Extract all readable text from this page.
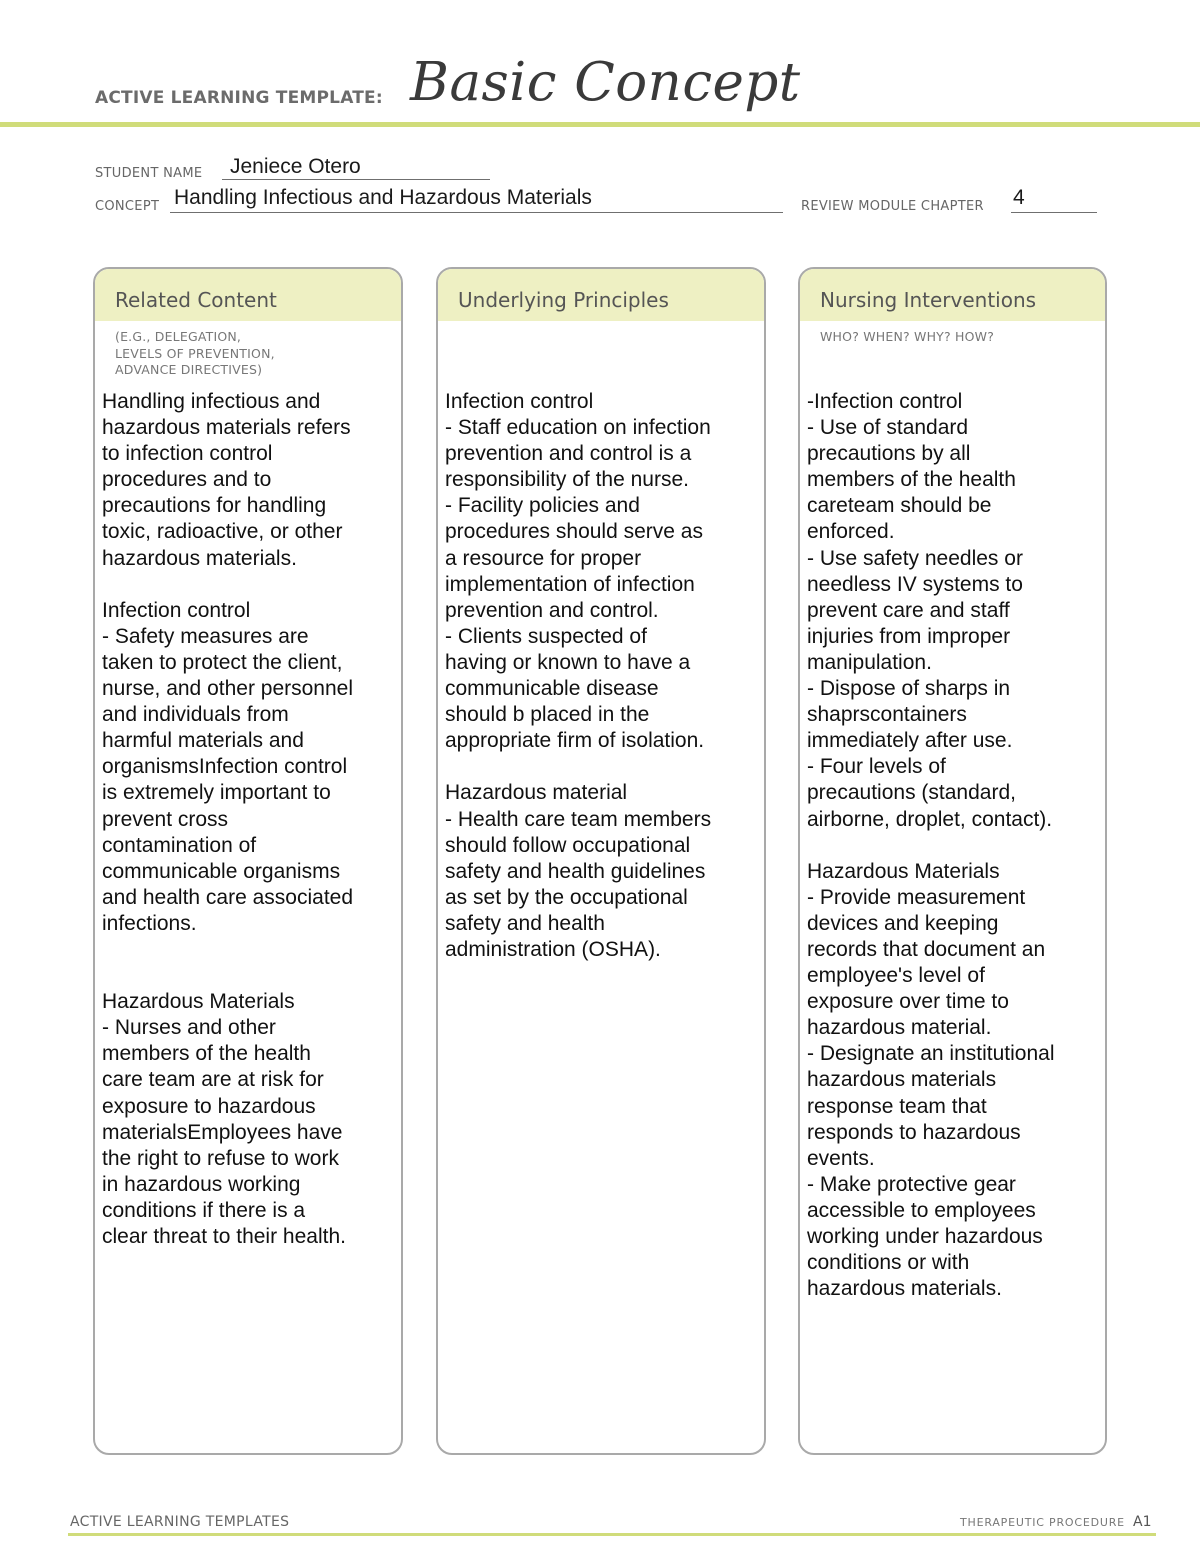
ACTIVE LEARNING TEMPLATE: Basic Concept
STUDENT NAME Jeniece Otero
CONCEPT Handling Infectious and Hazardous Materials	REVIEW MODULE CHAPTER 4
Related Content
(E.G., DELEGATION,
LEVELS OF PREVENTION,
ADVANCE DIRECTIVES)
Handling infectious and
hazardous materials refers
to infection control
procedures and to
precautions for handling
toxic, radioactive, or other
hazardous materials.
Infection control
- Safety measures are
taken to protect the client,
nurse, and other personnel
and individuals from
harmful materials and
organismsInfection control
is extremely important to
prevent cross
contamination of
communicable organisms
and health care associated
infections.
Hazardous Materials
- Nurses and other
members of the health
care team are at risk for
exposure to hazardous
materialsEmployees have
the right to refuse to work
in hazardous working
conditions if there is a
clear threat to their health.
Underlying Principles
Infection control
- Staff education on infection
prevention and control is a
responsibility of the nurse.
- Facility policies and
procedures should serve as
a resource for proper
implementation of infection
prevention and control.
- Clients suspected of
having or known to have a
communicable disease
should b placed in the
appropriate firm of isolation.
Hazardous material
- Health care team members
should follow occupational
safety and health guidelines
as set by the occupational
safety and health
administration (OSHA).
Nursing Interventions
WHO? WHEN? WHY? HOW?
-Infection control
- Use of standard
precautions by all
members of the health
careteam should be
enforced.
- Use safety needles or
needless IV systems to
prevent care and staff
injuries from improper
manipulation.
- Dispose of sharps in
shaprscontainers
immediately after use.
- Four levels of
precautions (standard,
airborne, droplet, contact).
Hazardous Materials
- Provide measurement
devices and keeping
records that document an
employee's level of
exposure over time to
hazardous material.
- Designate an institutional
hazardous materials
response team that
responds to hazardous
events.
- Make protective gear
accessible to employees
working under hazardous
conditions or with
hazardous materials.
ACTIVE LEARNING TEMPLATES	THERAPEUTIC PROCEDURE A1
